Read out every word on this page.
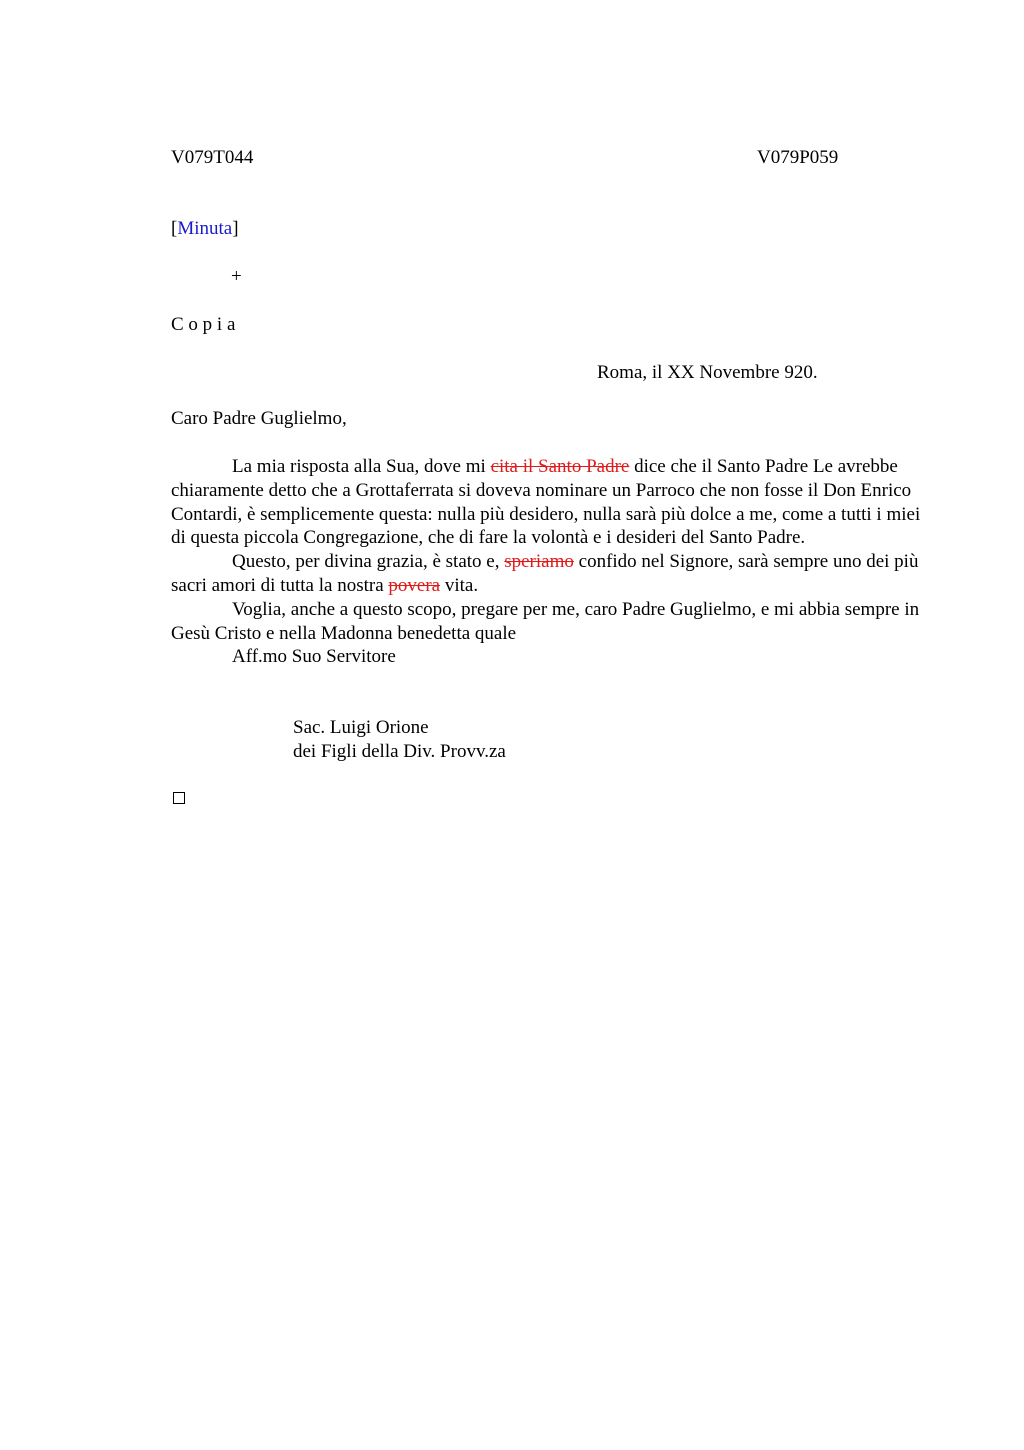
V079T044	V079P059
[Minuta]
+
C o p i a
Roma, il XX Novembre 920.
Caro Padre Guglielmo,

La mia risposta alla Sua, dove mi cita il Santo Padre dice che il Santo Padre Le avrebbe chiaramente detto che a Grottaferrata si doveva nominare un Parroco che non fosse il Don Enrico Contardi, è semplicemente questa: nulla più desidero, nulla sarà più dolce a me, come a tutti i miei di questa piccola Congregazione, che di fare la volontà e i desideri del Santo Padre.

Questo, per divina grazia, è stato e, speriamo confido nel Signore, sarà sempre uno dei più sacri amori di tutta la nostra povera vita.

Voglia, anche a questo scopo, pregare per me, caro Padre Guglielmo, e mi abbia sempre in Gesù Cristo e nella Madonna benedetta quale

Aff.mo Suo Servitore

Sac. Luigi Orione
dei Figli della Div. Provv.za
